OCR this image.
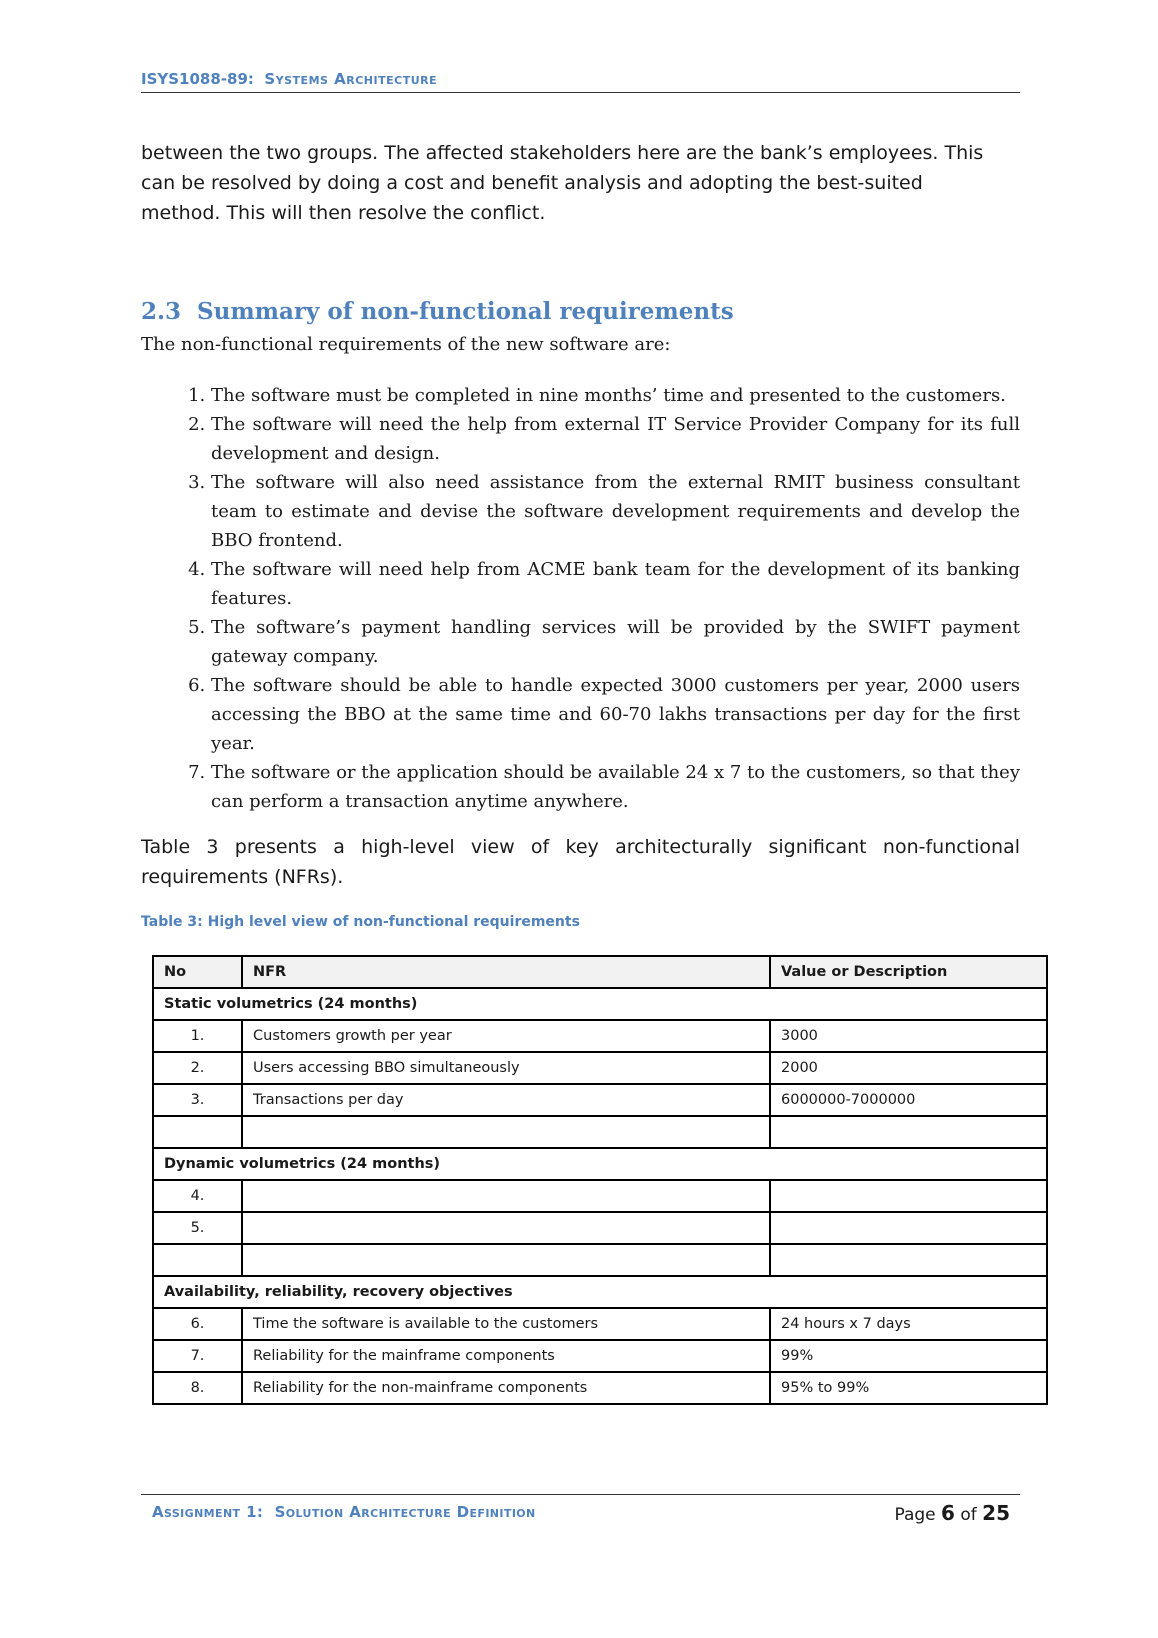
ISYS1088-89: Systems Architecture
between the two groups. The affected stakeholders here are the bank’s employees. This can be resolved by doing a cost and benefit analysis and adopting the best-suited method. This will then resolve the conflict.
2.3 Summary of non-functional requirements
The non-functional requirements of the new software are:
1. The software must be completed in nine months’ time and presented to the customers.
2. The software will need the help from external IT Service Provider Company for its full development and design.
3. The software will also need assistance from the external RMIT business consultant team to estimate and devise the software development requirements and develop the BBO frontend.
4. The software will need help from ACME bank team for the development of its banking features.
5. The software’s payment handling services will be provided by the SWIFT payment gateway company.
6. The software should be able to handle expected 3000 customers per year, 2000 users accessing the BBO at the same time and 60-70 lakhs transactions per day for the first year.
7. The software or the application should be available 24 x 7 to the customers, so that they can perform a transaction anytime anywhere.
Table 3 presents a high-level view of key architecturally significant non-functional requirements (NFRs).
Table 3: High level view of non-functional requirements
No	NFR	Value or Description
Static volumetrics (24 months)		
1.	Customers growth per year	3000
2.	Users accessing BBO simultaneously	2000
3.	Transactions per day	6000000-7000000

Dynamic volumetrics (24 months)		
4.		
5.		

Availability, reliability, recovery objectives		
6.	Time the software is available to the customers	24 hours x 7 days
7.	Reliability for the mainframe components	99%
8.	Reliability for the non-mainframe components	95% to 99%
Assignment 1: Solution Architecture Definition	Page 6 of 25
